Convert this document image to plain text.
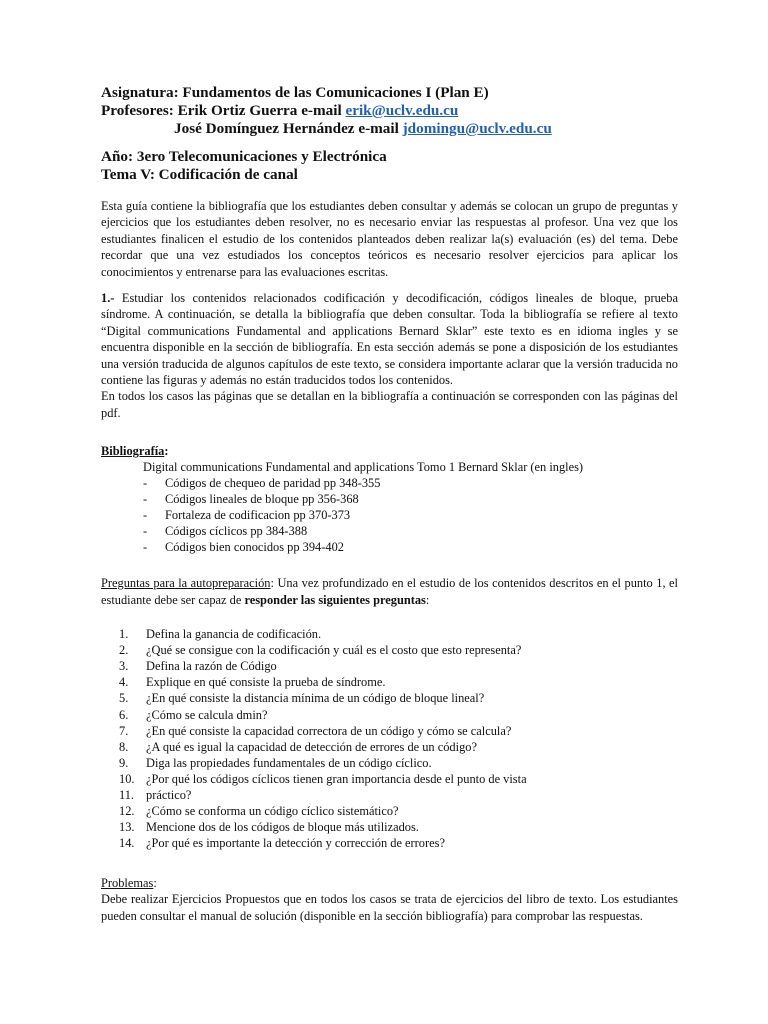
Asignatura: Fundamentos de las Comunicaciones I (Plan E)
Profesores: Erik Ortiz Guerra e-mail erik@uclv.edu.cu
José Domínguez Hernández e-mail jdomingu@uclv.edu.cu
Año: 3ero Telecomunicaciones y Electrónica
Tema V: Codificación de canal

Esta guía contiene la bibliografía que los estudiantes deben consultar y además se colocan un grupo de preguntas y ejercicios que los estudiantes deben resolver, no es necesario enviar las respuestas al profesor. Una vez que los estudiantes finalicen el estudio de los contenidos planteados deben realizar la(s) evaluación (es) del tema. Debe recordar que una vez estudiados los conceptos teóricos es necesario resolver ejercicios para aplicar los conocimientos y entrenarse para las evaluaciones escritas.

1.- Estudiar los contenidos relacionados codificación y decodificación, códigos lineales de bloque, prueba síndrome. A continuación, se detalla la bibliografía que deben consultar. Toda la bibliografía se refiere al texto “Digital communications Fundamental and applications Bernard Sklar” este texto es en idioma ingles y se encuentra disponible en la sección de bibliografía. En esta sección además se pone a disposición de los estudiantes una versión traducida de algunos capítulos de este texto, se considera importante aclarar que la versión traducida no contiene las figuras y además no están traducidos todos los contenidos.
En todos los casos las páginas que se detallan en la bibliografía a continuación se corresponden con las páginas del pdf.

Bibliografía:
Digital communications Fundamental and applications Tomo 1 Bernard Sklar (en ingles)
-	Códigos de chequeo de paridad pp 348-355
-	Códigos lineales de bloque pp 356-368
-	Fortaleza de codificacion pp 370-373
-	Códigos cíclicos pp 384-388
-	Códigos bien conocidos pp 394-402

Preguntas para la autopreparación: Una vez profundizado en el estudio de los contenidos descritos en el punto 1, el estudiante debe ser capaz de responder las siguientes preguntas:

1.	Defina la ganancia de codificación.
2.	¿Qué se consigue con la codificación y cuál es el costo que esto representa?
3.	Defina la razón de Código
4.	Explique en qué consiste la prueba de síndrome.
5.	¿En qué consiste la distancia mínima de un código de bloque lineal?
6.	¿Cómo se calcula dmin?
7.	¿En qué consiste la capacidad correctora de un código y cómo se calcula?
8.	¿A qué es igual la capacidad de detección de errores de un código?
9.	Diga las propiedades fundamentales de un código cíclico.
10. ¿Por qué los códigos cíclicos tienen gran importancia desde el punto de vista
11. práctico?
12. ¿Cómo se conforma un código cíclico sistemático?
13. Mencione dos de los códigos de bloque más utilizados.
14. ¿Por qué es importante la detección y corrección de errores?
Problemas:

Debe realizar Ejercicios Propuestos que en todos los casos se trata de ejercicios del libro de texto. Los estudiantes pueden consultar el manual de solución (disponible en la sección bibliografía) para comprobar las respuestas.
